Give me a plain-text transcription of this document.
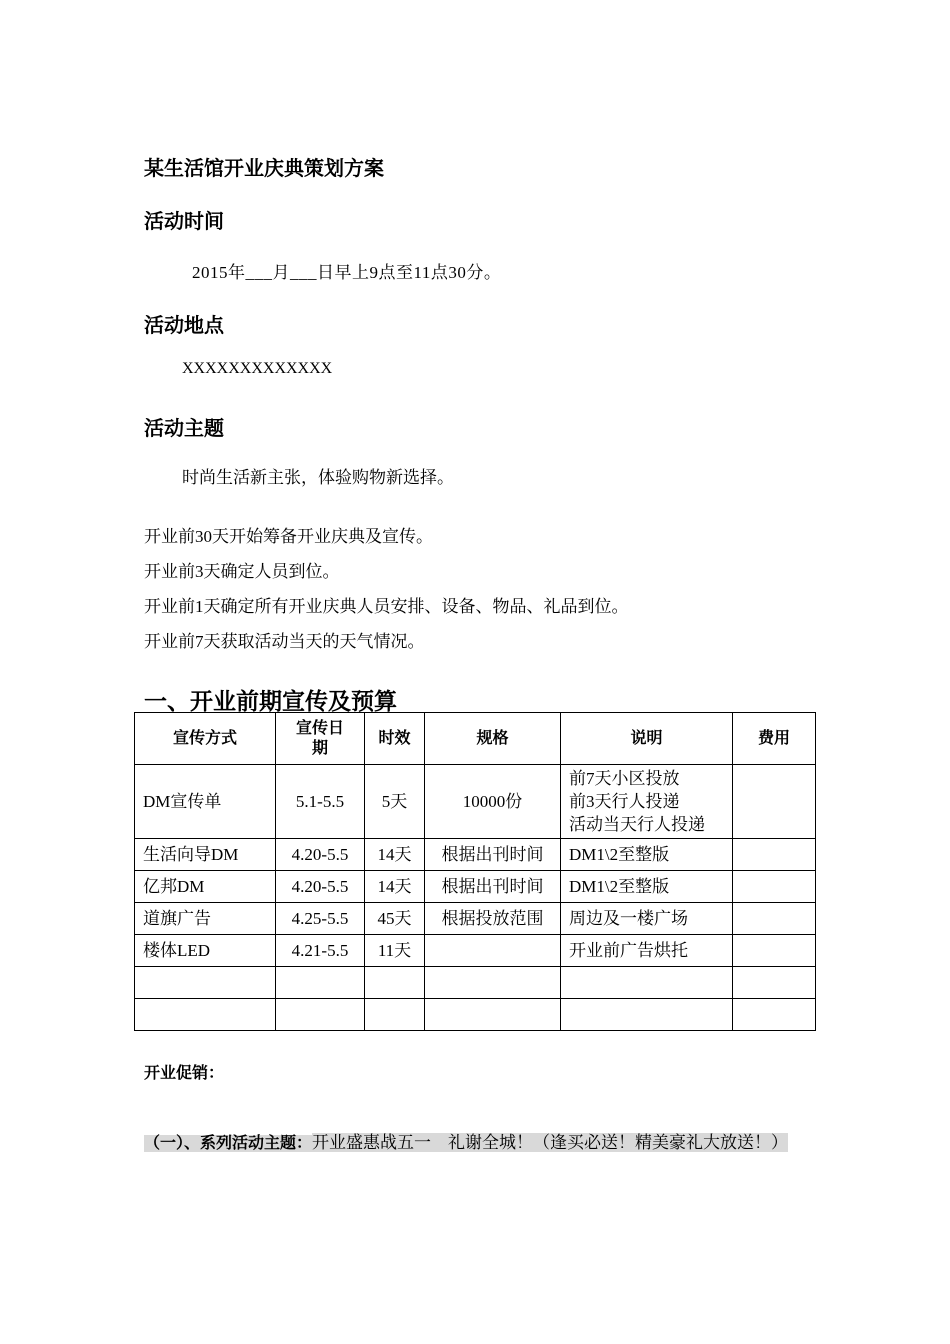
某生活馆开业庆典策划方案
活动时间
2015年___月___日早上9点至11点30分。
活动地点
XXXXXXXXXXXXX
活动主题
时尚生活新主张，体验购物新选择。
开业前30天开始筹备开业庆典及宣传。
开业前3天确定人员到位。
开业前1天确定所有开业庆典人员安排、设备、物品、礼品到位。
开业前7天获取活动当天的天气情况。
一、开业前期宣传及预算
宣传方式	宣传日期	时效	规格	说明	费用
DM宣传单	5.1-5.5	5天	10000份	前7天小区投放
前3天行人投递
活动当天行人投递	

生活向导DM	4.20-5.5	14天	根据出刊时间	DM1\2至整版	
亿邦DM	4.20-5.5	14天	根据出刊时间	DM1\2至整版	
道旗广告	4.25-5.5	45天	根据投放范围	周边及一楼广场	
楼体LED	4.21-5.5	11天		开业前广告烘托	

开业促销：
（一）、系列活动主题：开业盛惠战五一　礼谢全城！（逢买必送！精美豪礼大放送！）
